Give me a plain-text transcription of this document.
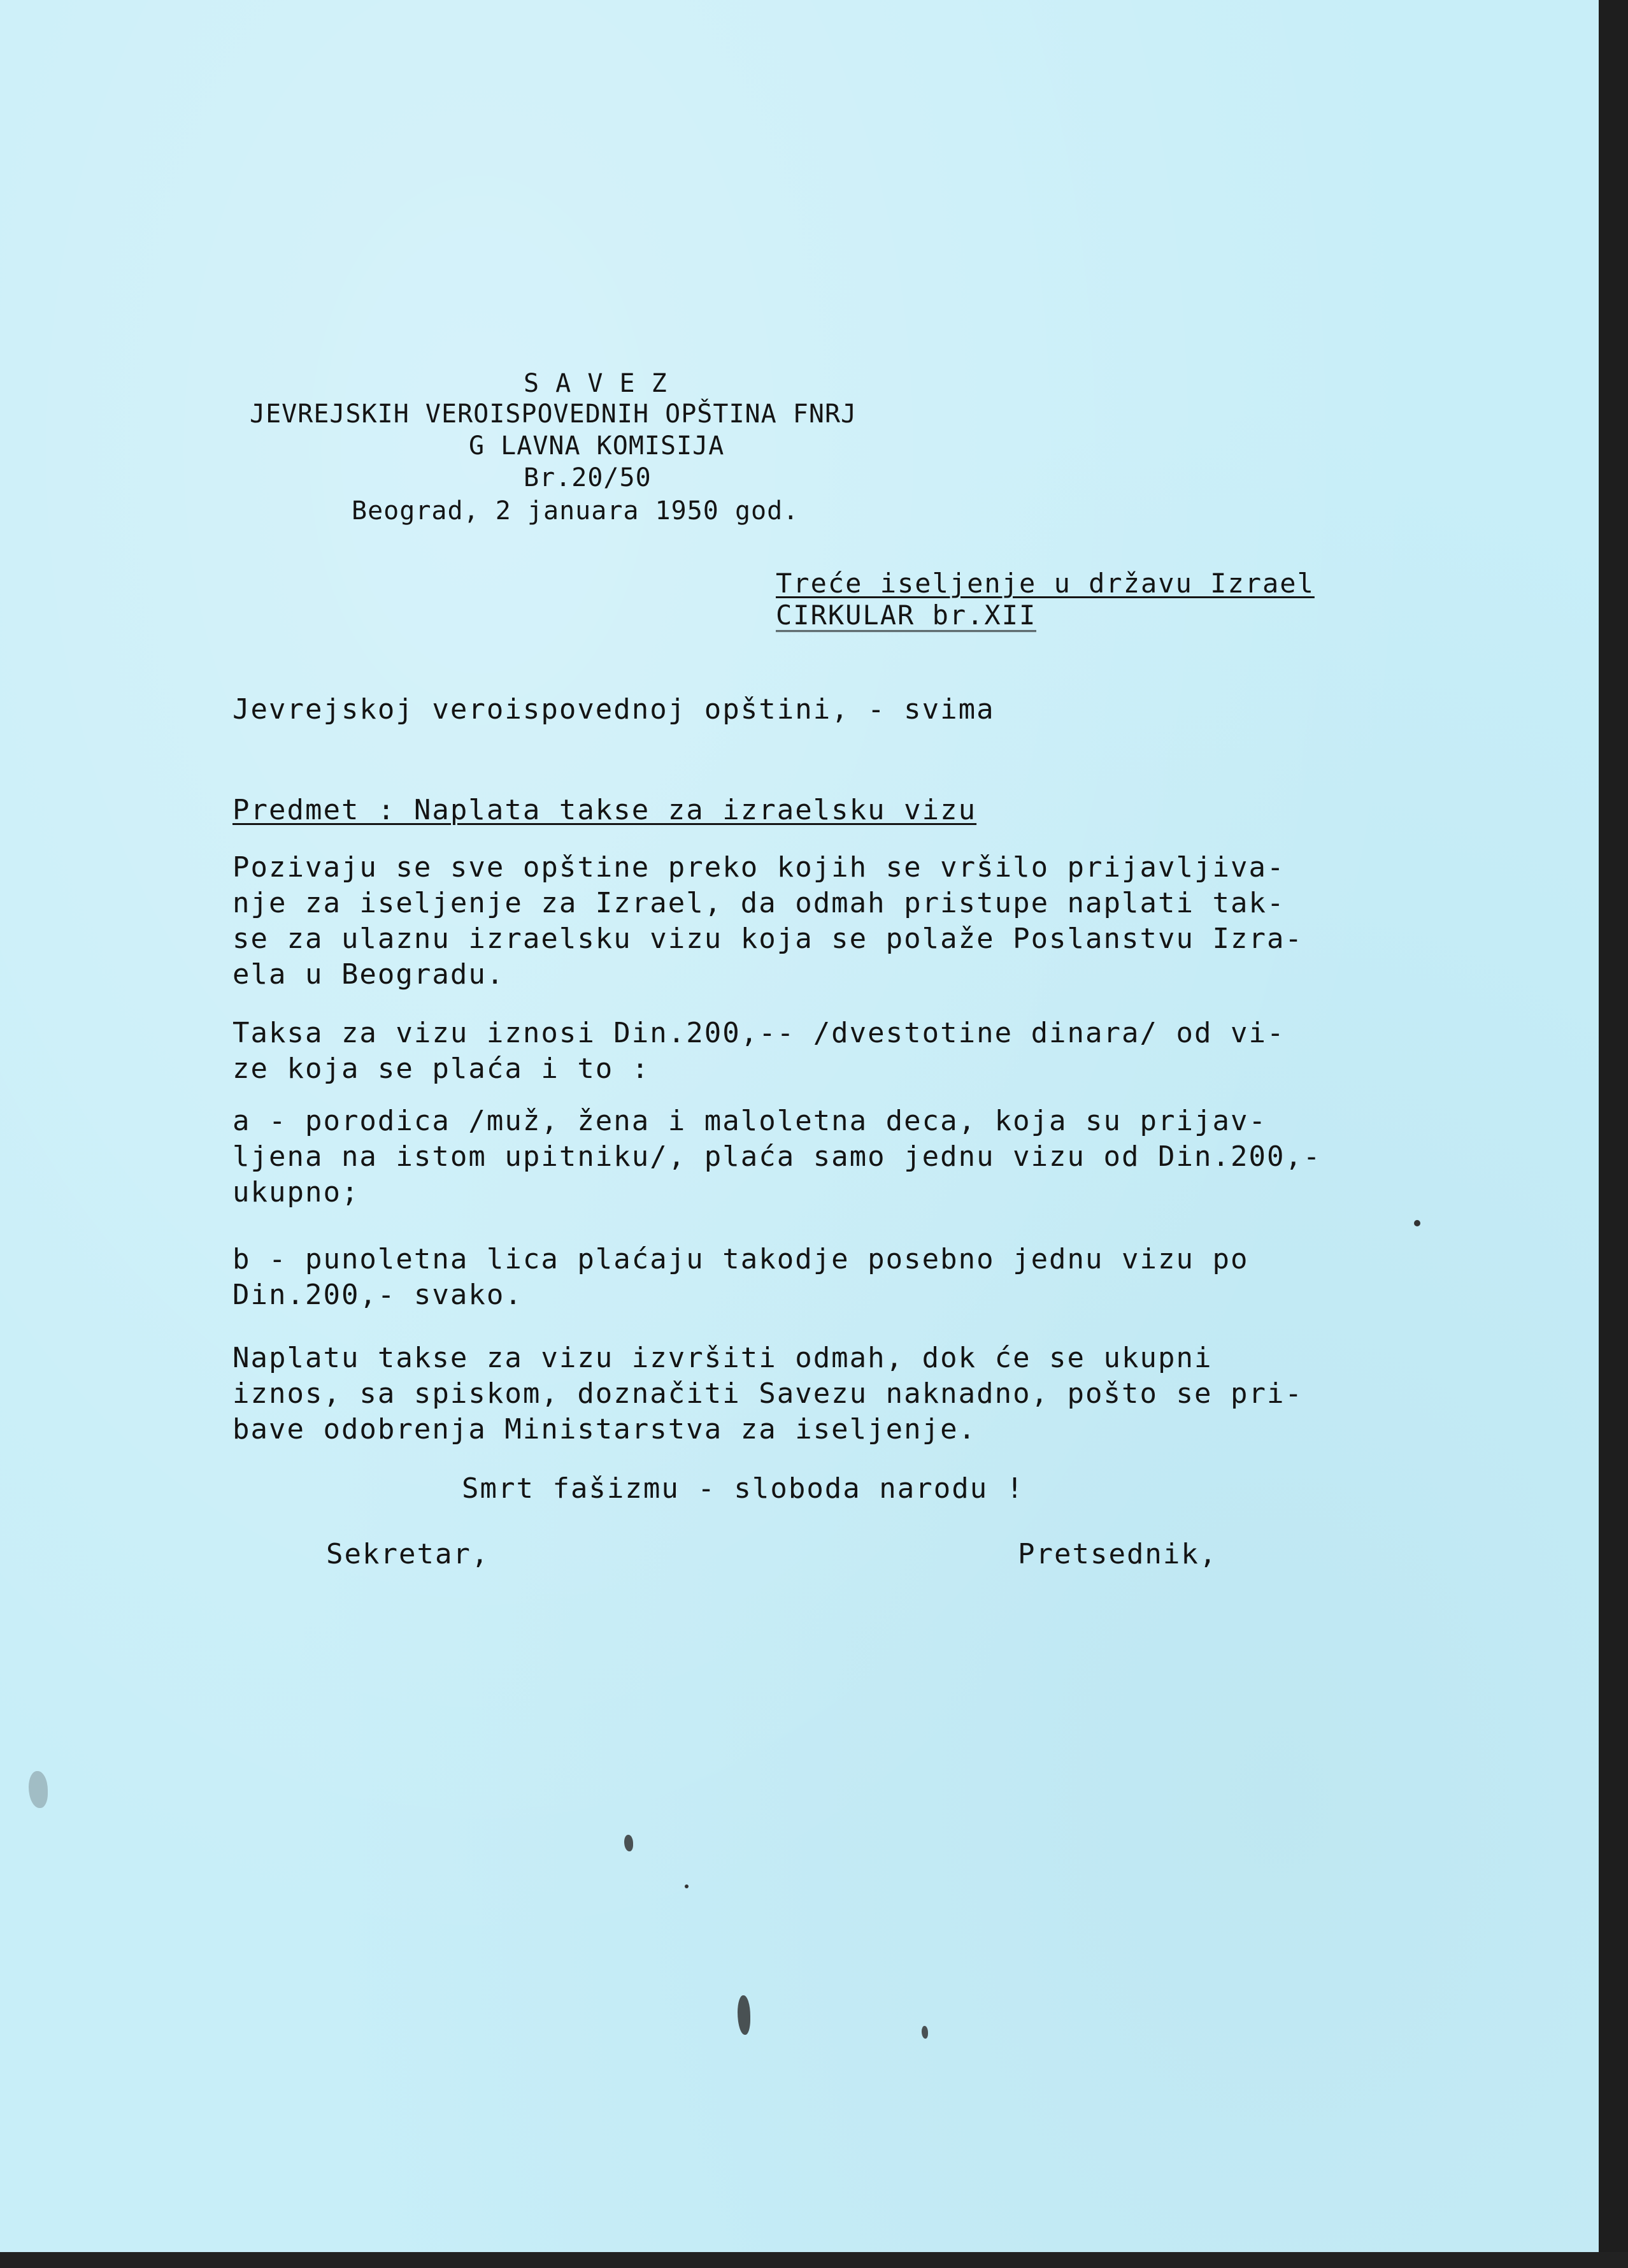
S A V E Z
JEVREJSKIH VEROISPOVEDNIH OPŠTINA FNRJ
G LAVNA KOMISIJA
Br.20/50
Beograd, 2 januara 1950 god.
Treće iseljenje u državu Izrael
CIRKULAR br.XII
Jevrejskoj veroispovednoj opštini, - svima
Predmet : Naplata takse za izraelsku vizu
Pozivaju se sve opštine preko kojih se vršilo prijavljiva-
nje za iseljenje za Izrael, da odmah pristupe naplati tak-
se za ulaznu izraelsku vizu koja se polaže Poslanstvu Izra-
ela u Beogradu.
Taksa za vizu iznosi Din.200,-- /dvestotine dinara/ od vi-
ze koja se plaća i to :
a - porodica /muž, žena i maloletna deca, koja su prijav-
ljena na istom upitniku/, plaća samo jednu vizu od Din.200,-
ukupno;
b - punoletna lica plaćaju takodje posebno jednu vizu po
Din.200,- svako.
Naplatu takse za vizu izvršiti odmah, dok će se ukupni
iznos, sa spiskom, doznačiti Savezu naknadno, pošto se pri-
bave odobrenja Ministarstva za iseljenje.
Smrt fašizmu - sloboda narodu !
Sekretar,	Pretsednik,
